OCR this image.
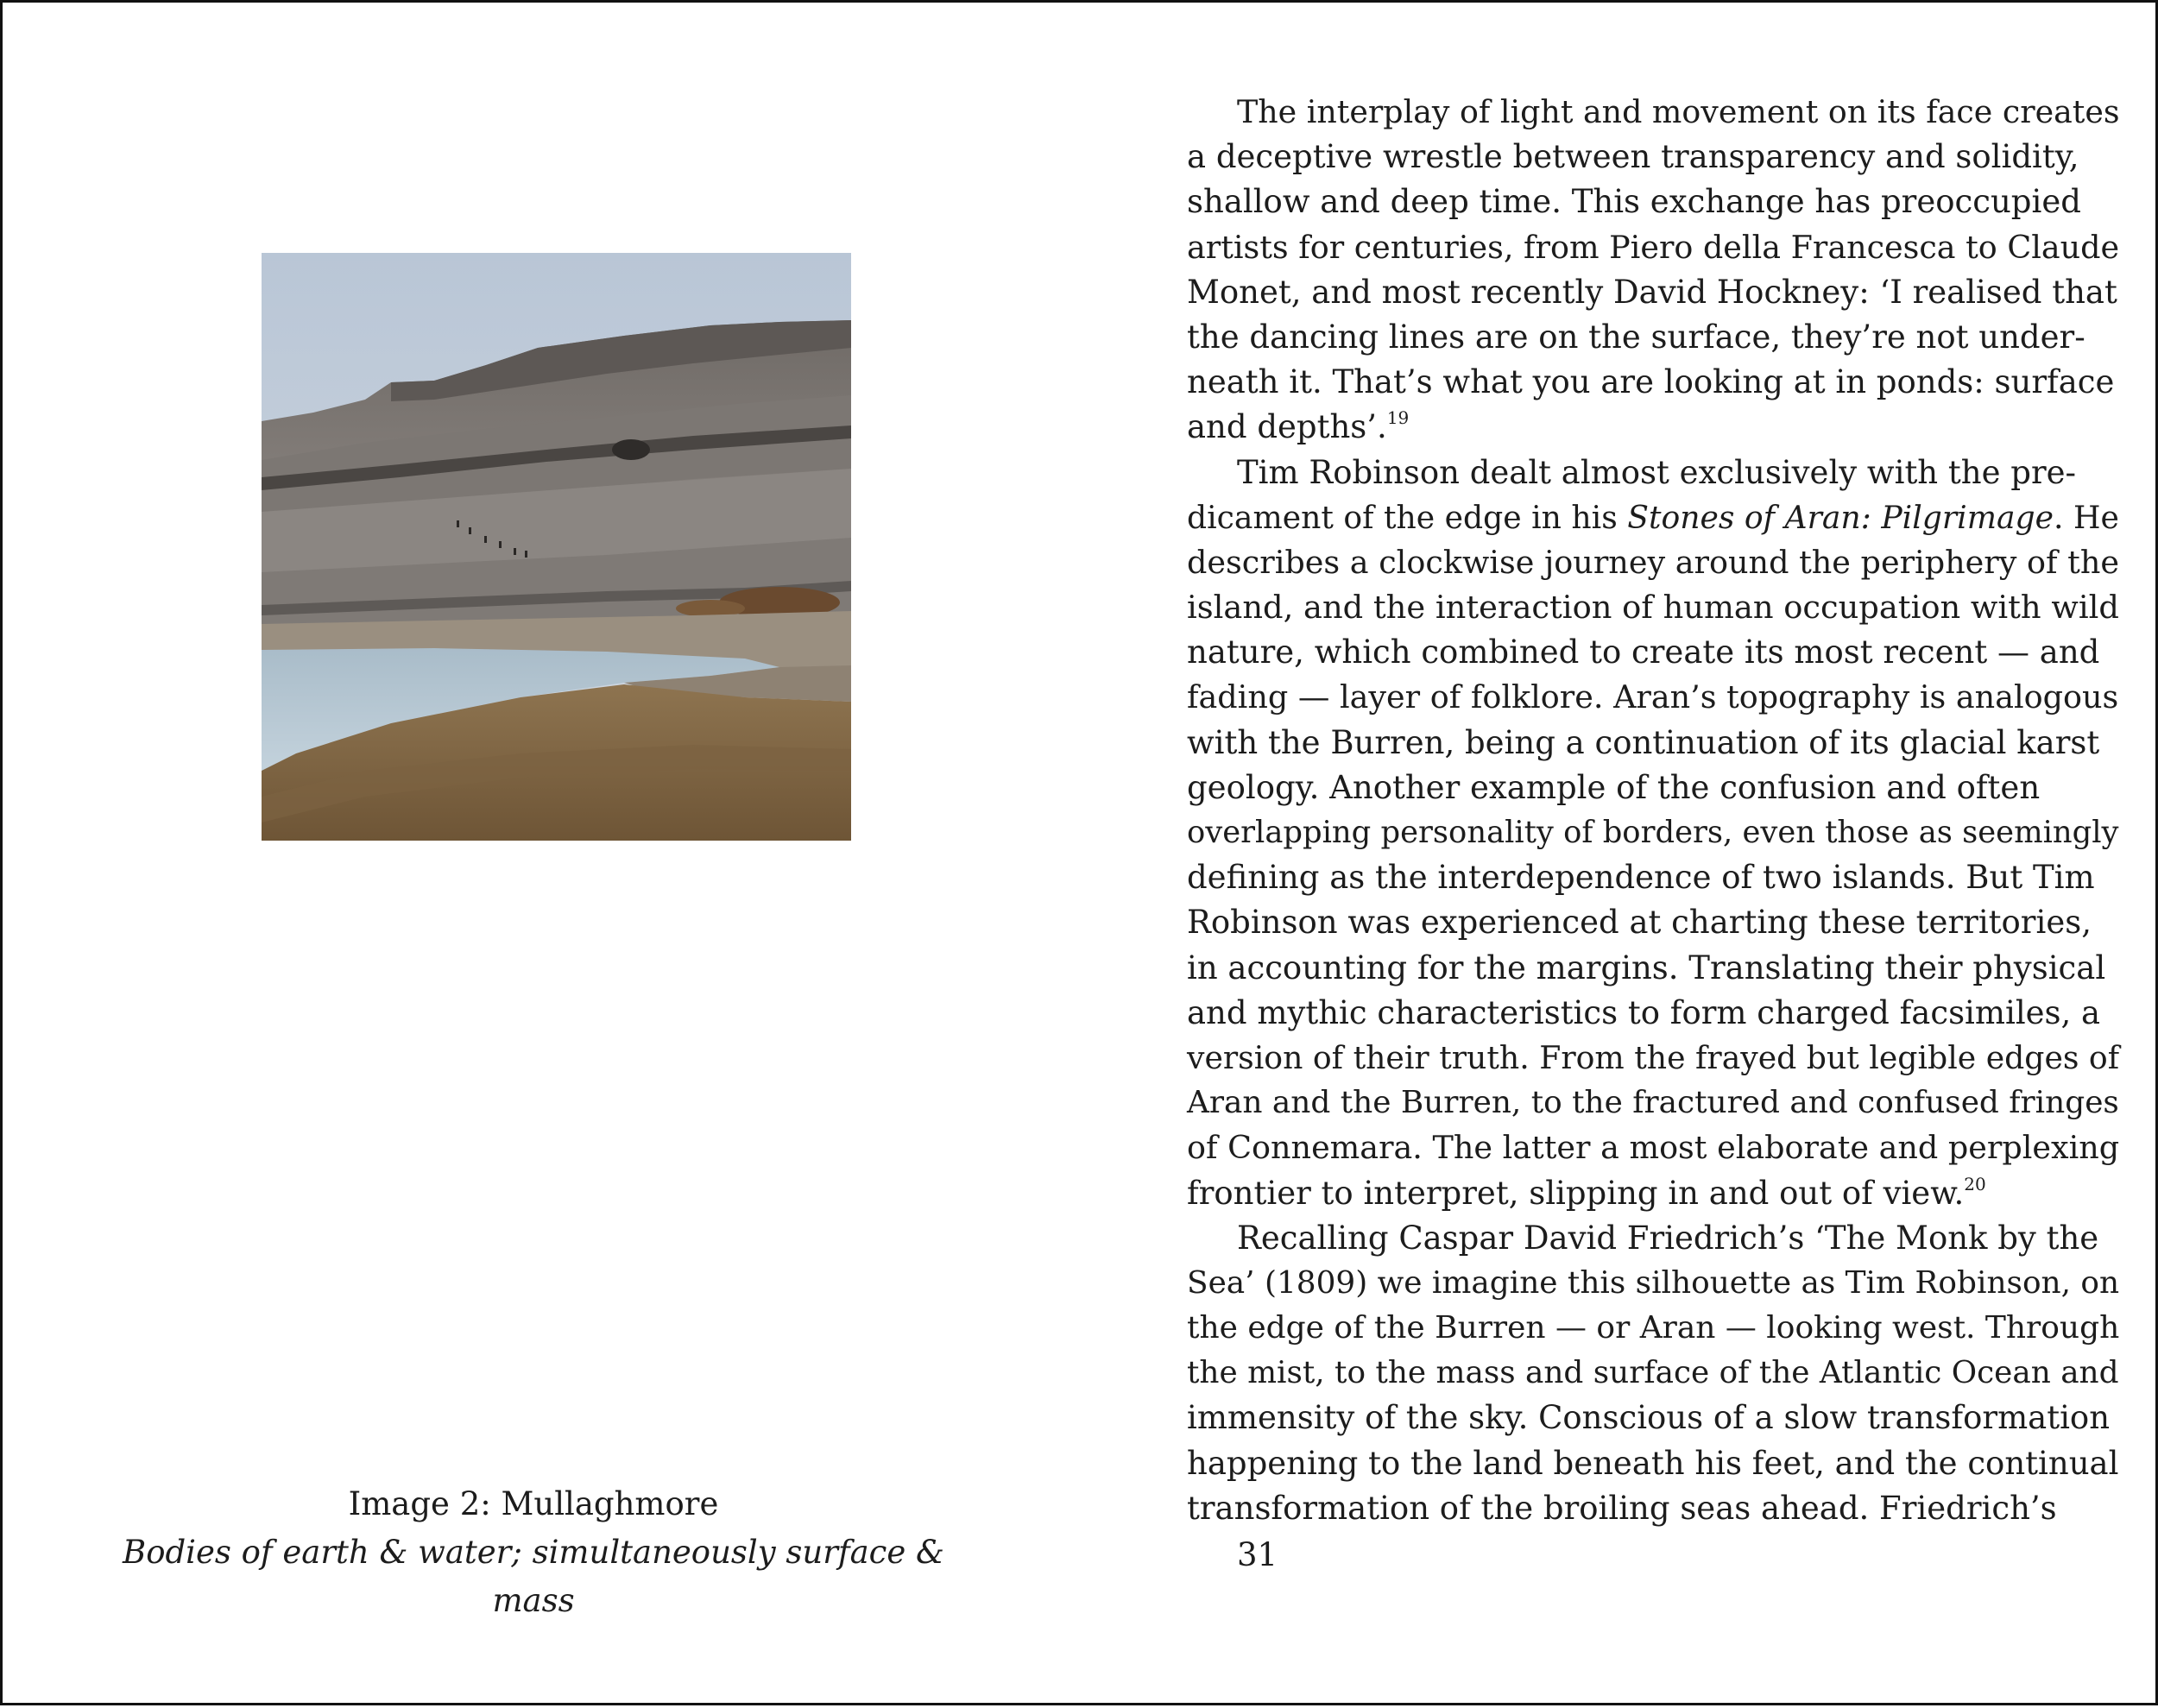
Image 2: Mullaghmore
Bodies of earth & water; simultaneously surface & mass
The interplay of light and movement on its face creates
a deceptive wrestle between transparency and solidity,
shallow and deep time. This exchange has preoccupied
artists for centuries, from Piero della Francesca to Claude
Monet, and most recently David Hockney: ‘I realised that
the dancing lines are on the surface, they’re not under-
neath it. That’s what you are looking at in ponds: surface
and depths’.$^{19}$
Tim Robinson dealt almost exclusively with the pre-
dicament of the edge in his Stones of Aran: Pilgrimage. He
describes a clockwise journey around the periphery of the
island, and the interaction of human occupation with wild
nature, which combined to create its most recent — and
fading — layer of folklore. Aran’s topography is analogous
with the Burren, being a continuation of its glacial karst
geology. Another example of the confusion and often
overlapping personality of borders, even those as seemingly
defining as the interdependence of two islands. But Tim
Robinson was experienced at charting these territories,
in accounting for the margins. Translating their physical
and mythic characteristics to form charged facsimiles, a
version of their truth. From the frayed but legible edges of
Aran and the Burren, to the fractured and confused fringes
of Connemara. The latter a most elaborate and perplexing
frontier to interpret, slipping in and out of view.$^{20}$
Recalling Caspar David Friedrich’s ‘The Monk by the
Sea’ (1809) we imagine this silhouette as Tim Robinson, on
the edge of the Burren — or Aran — looking west. Through
the mist, to the mass and surface of the Atlantic Ocean and
immensity of the sky. Conscious of a slow transformation
happening to the land beneath his feet, and the continual
transformation of the broiling seas ahead. Friedrich’s
31
